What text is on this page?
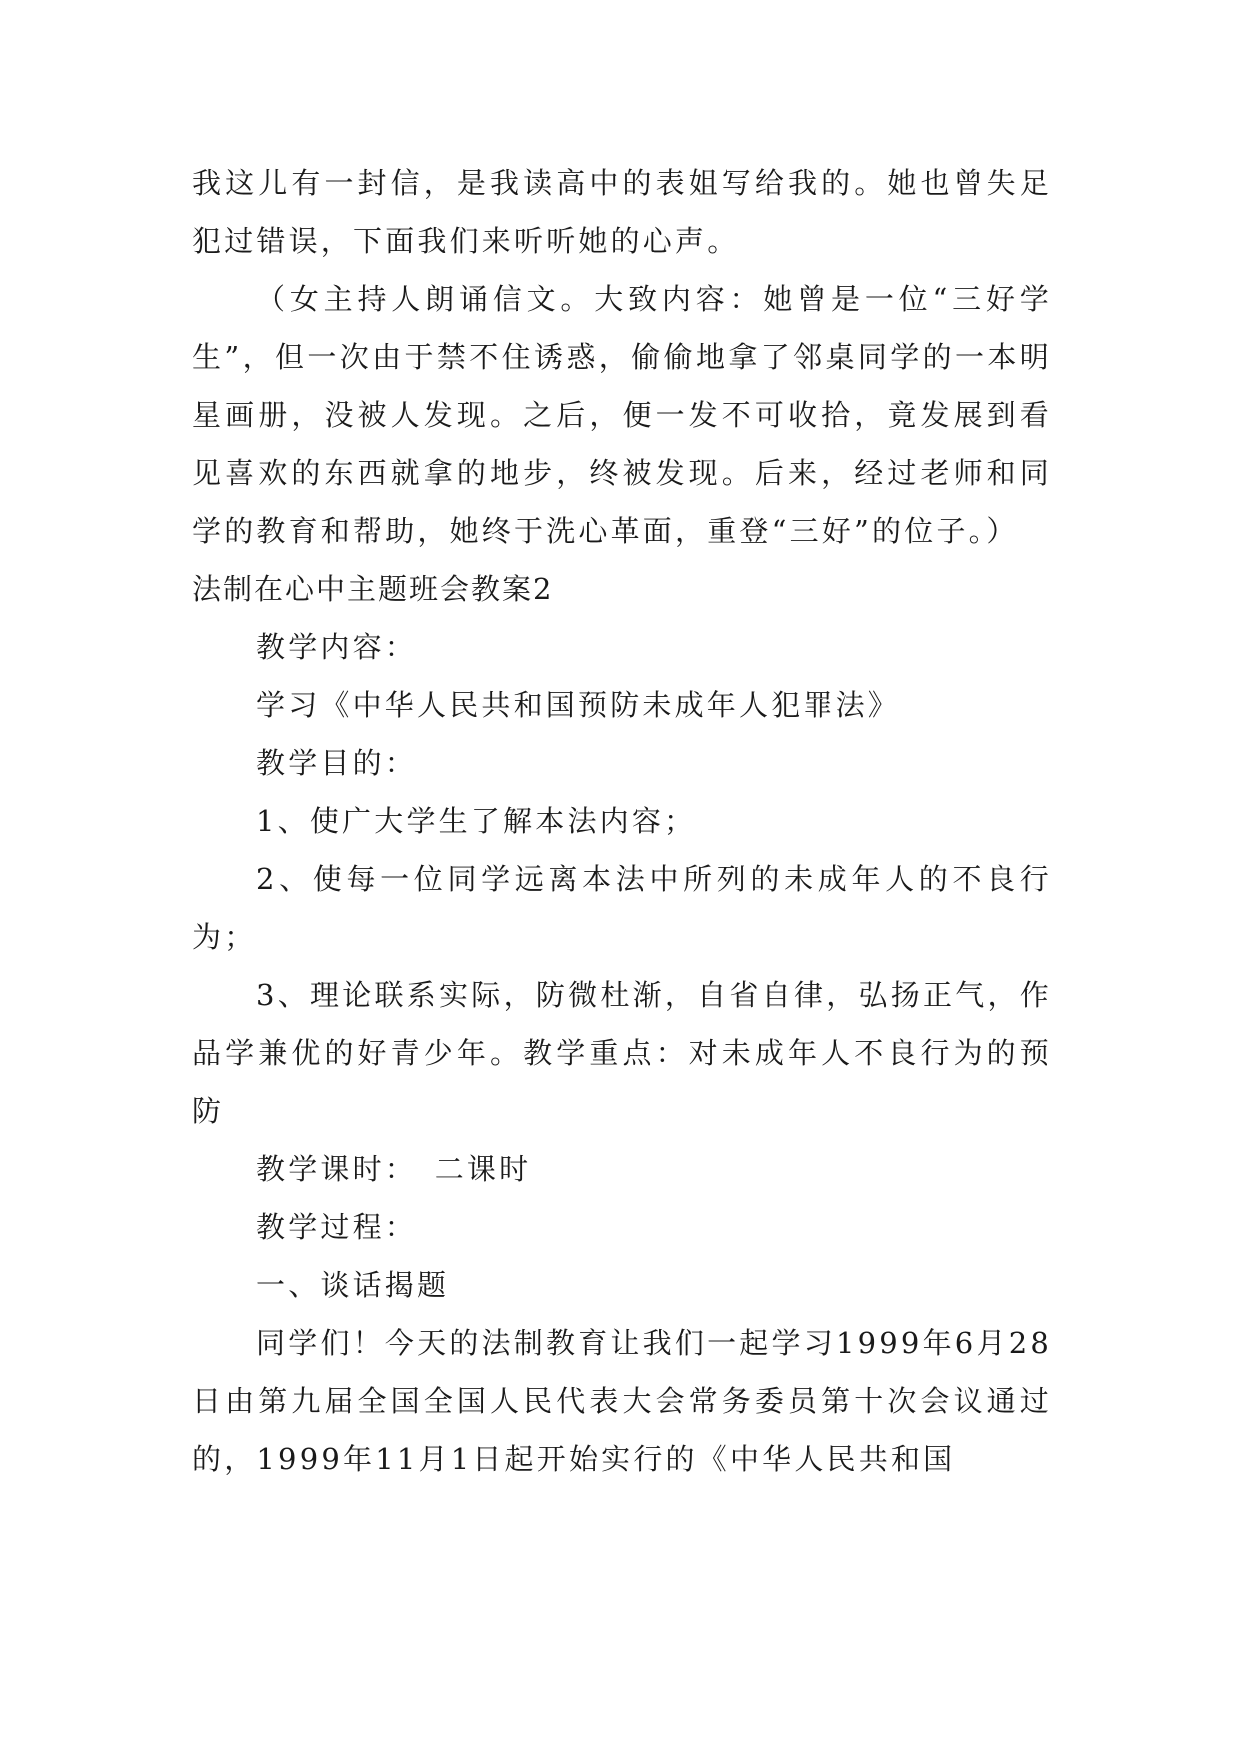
我这儿有一封信，是我读高中的表姐写给我的。她也曾失足犯过错误，下面我们来听听她的心声。

（女主持人朗诵信文。大致内容：她曾是一位“三好学生”，但一次由于禁不住诱惑，偷偷地拿了邻桌同学的一本明星画册，没被人发现。之后，便一发不可收拾，竟发展到看见喜欢的东西就拿的地步，终被发现。后来，经过老师和同学的教育和帮助，她终于洗心革面，重登“三好”的位子。）

法制在心中主题班会教案2

教学内容：

学习《中华人民共和国预防未成年人犯罪法》

教学目的：

1、使广大学生了解本法内容；

2、使每一位同学远离本法中所列的未成年人的不良行为；

3、理论联系实际，防微杜渐，自省自律，弘扬正气，作品学兼优的好青少年。教学重点：对未成年人不良行为的预防

教学课时：　二课时

教学过程：

一、谈话揭题

同学们！今天的法制教育让我们一起学习1999年6月28日由第九届全国全国人民代表大会常务委员第十次会议通过的，1999年11月1日起开始实行的《中华人民共和国
